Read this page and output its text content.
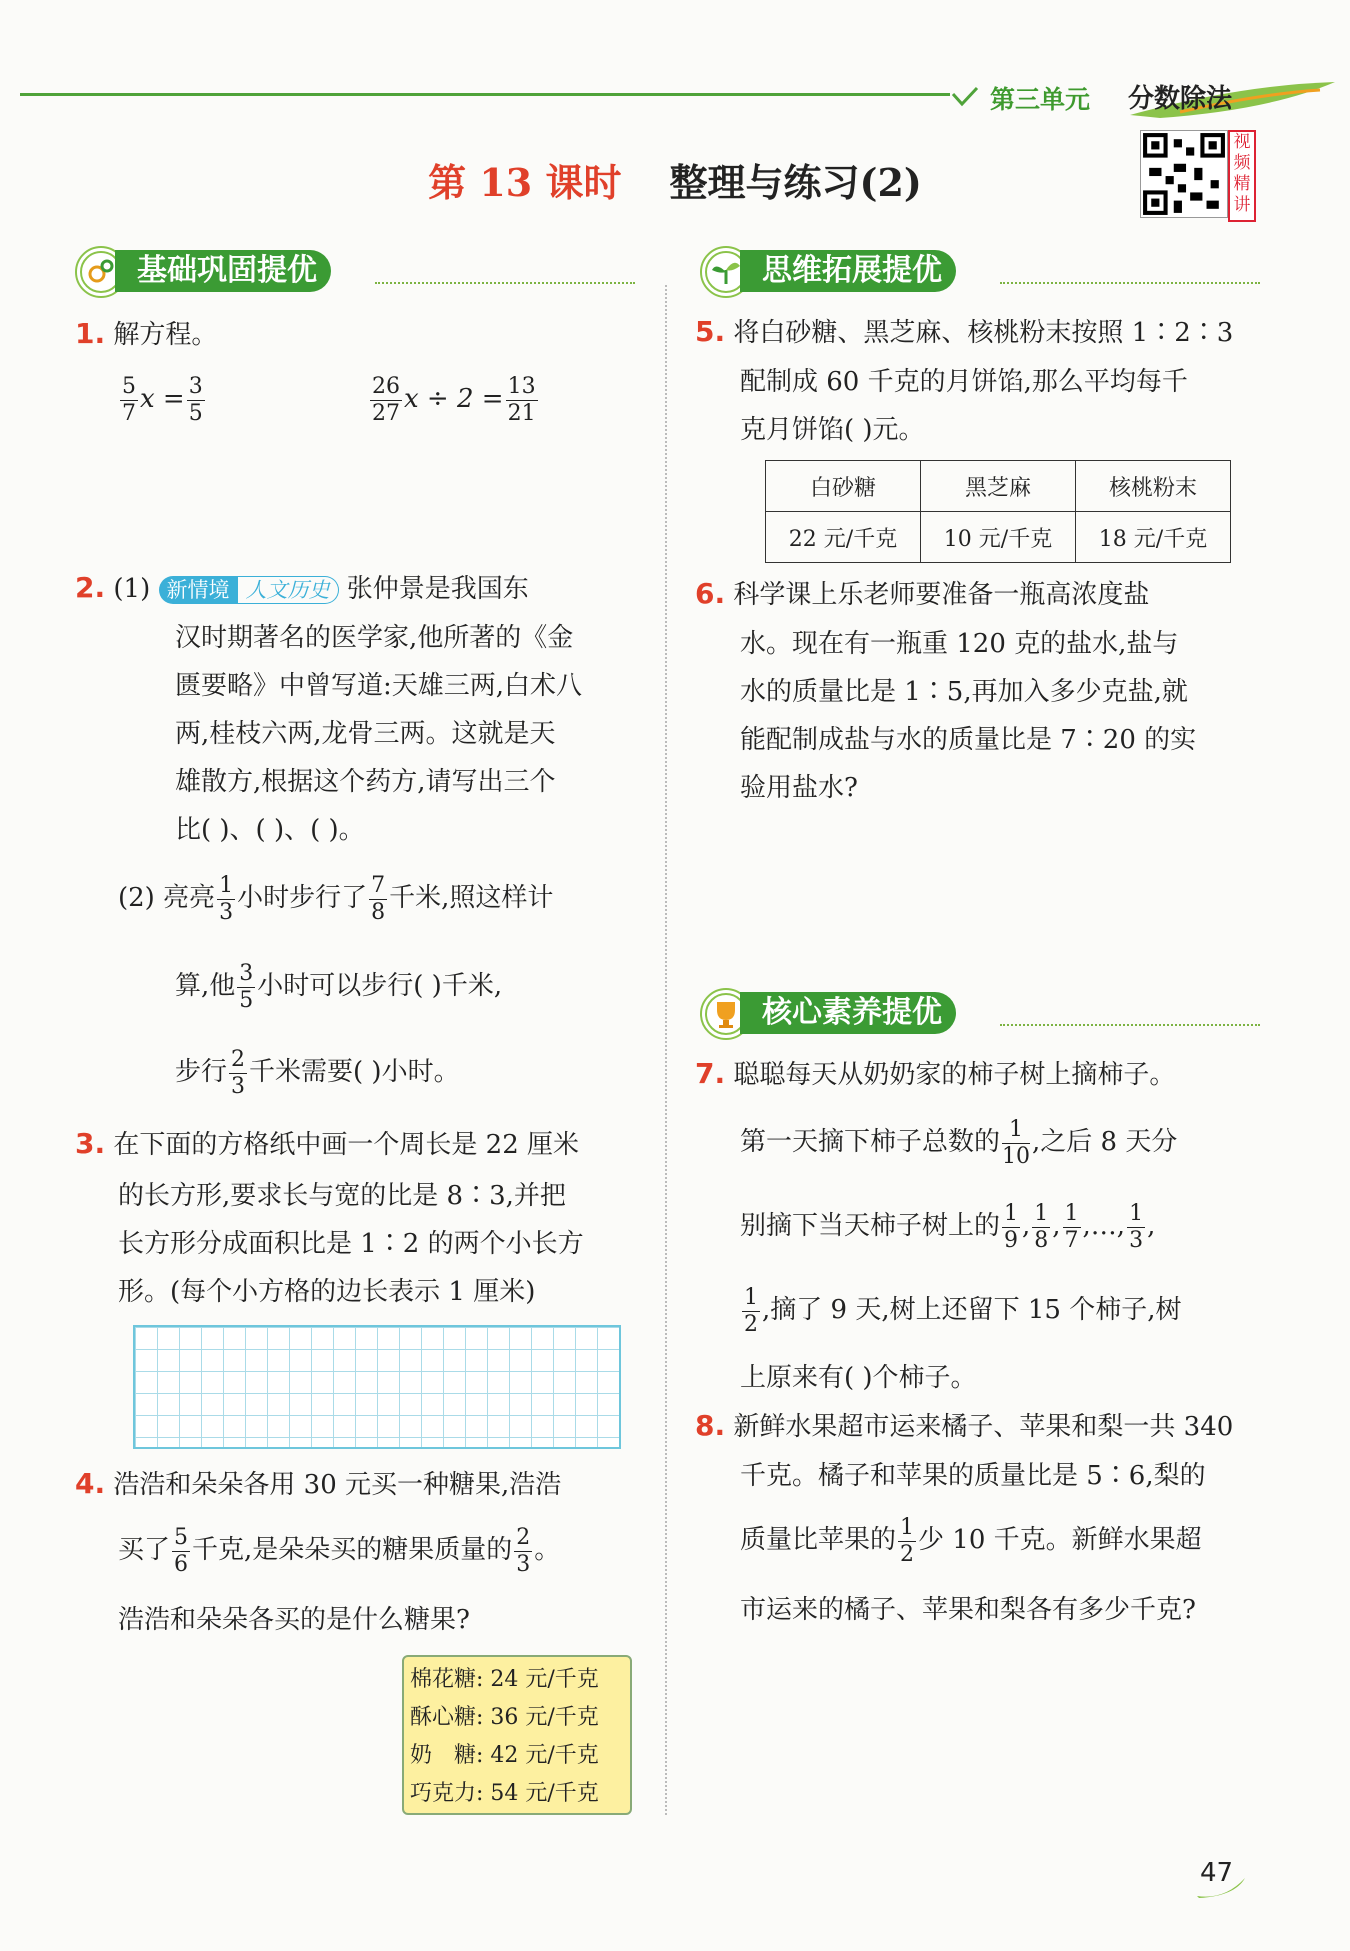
第三单元 分数除法
第 13 课时 整理与练习(2)
视频精讲
基础巩固提优
1. 解方程。
$\frac{5}{7}$ $x = \frac{3}{5}$	$\frac{26}{27}$ $x \div 2 = \frac{13}{21}$
2. (1) 新情境 人文历史 张仲景是我国东
汉时期著名的医学家,他所著的《金
匮要略》中曾写道:天雄三两,白术八
两,桂枝六两,龙骨三两。这就是天
雄散方,根据这个药方,请写出三个
比( )、( )、( )。
(2) 亮亮 $\frac{1}{3}$ 小时步行了 $\frac{7}{8}$ 千米,照这样计
算,他 $\frac{3}{5}$ 小时可以步行( )千米,
步行 $\frac{2}{3}$ 千米需要( )小时。
3. 在下面的方格纸中画一个周长是 22 厘米
的长方形,要求长与宽的比是 8∶3,并把
长方形分成面积比是 1∶2 的两个小长方
形。(每个小方格的边长表示 1 厘米)
4. 浩浩和朵朵各用 30 元买一种糖果,浩浩
买了 $\frac{5}{6}$ 千克,是朵朵买的糖果质量的 $\frac{2}{3}$ 。
浩浩和朵朵各买的是什么糖果?
棉花糖: 24 元/千克
酥心糖: 36 元/千克
奶　糖: 42 元/千克
巧克力: 54 元/千克
思维拓展提优
5. 将白砂糖、黑芝麻、核桃粉末按照 1∶2∶3
配制成 60 千克的月饼馅,那么平均每千
克月饼馅( )元。
白砂糖	黑芝麻	核桃粉末
22 元/千克	10 元/千克	18 元/千克
6. 科学课上乐老师要准备一瓶高浓度盐
水。现在有一瓶重 120 克的盐水,盐与
水的质量比是 1∶5,再加入多少克盐,就
能配制成盐与水的质量比是 7∶20 的实
验用盐水?
核心素养提优
7. 聪聪每天从奶奶家的柿子树上摘柿子。
第一天摘下柿子总数的 $\frac{1}{10}$ ,之后 8 天分
别摘下当天柿子树上的 $\frac{1}{9}$ , $\frac{1}{8}$ , $\frac{1}{7}$ ,…, $\frac{1}{3}$ ,
$\frac{1}{2}$ ,摘了 9 天,树上还留下 15 个柿子,树
上原来有( )个柿子。
8. 新鲜水果超市运来橘子、苹果和梨一共 340
千克。橘子和苹果的质量比是 5∶6,梨的
质量比苹果的 $\frac{1}{2}$ 少 10 千克。新鲜水果超
市运来的橘子、苹果和梨各有多少千克?
47
